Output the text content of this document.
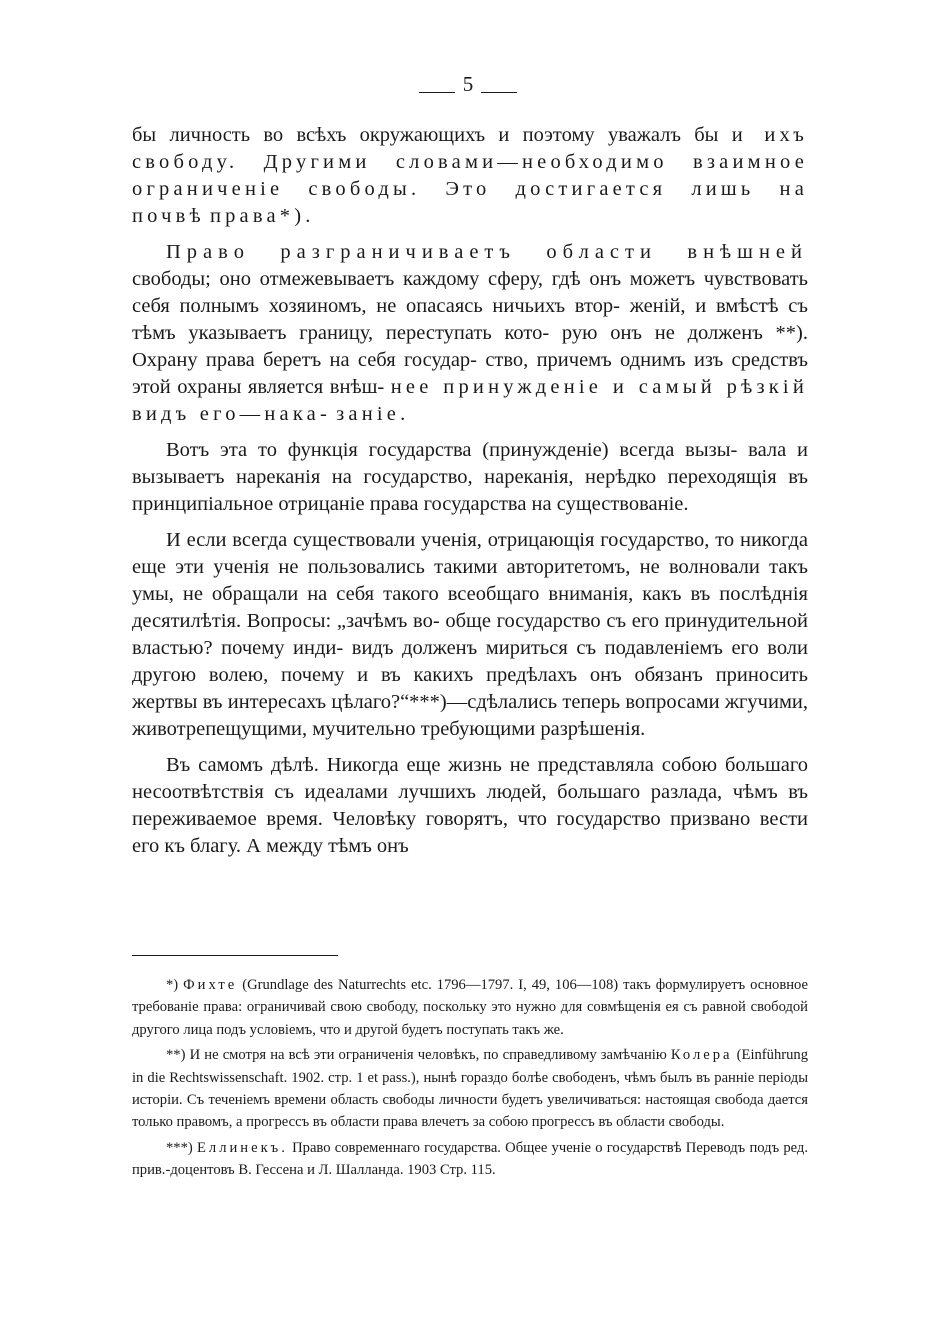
5

бы личность во всѣхъ окружающихъ и поэтому уважалъ бы и ихъ свободу. Другими словами—необходимо взаимное ограниченіе свободы. Это достигается лишь на почвѣ права*).

Право разграничиваетъ области внѣшней свободы; оно отмежевываетъ каждому сферу, гдѣ онъ можетъ чувствовать себя полнымъ хозяиномъ, не опасаясь ничьихъ втор- женій, и вмѣстѣ съ тѣмъ указываетъ границу, переступать кото- рую онъ не долженъ **). Охрану права беретъ на себя государ- ство, причемъ однимъ изъ средствъ этой охраны является внѣш- нее принужденіе и самый рѣзкій видъ его—нака- заніе.

Вотъ эта то функція государства (принужденіе) всегда вызы- вала и вызываетъ нареканія на государство, нареканія, нерѣдко переходящія въ принципіальное отрицаніе права государства на существованіе.

И если всегда существовали ученія, отрицающія государство, то никогда еще эти ученія не пользовались такими авторитетомъ, не волновали такъ умы, не обращали на себя такого всеобщаго вниманія, какъ въ послѣднія десятилѣтія. Вопросы: „зачѣмъ во- обще государство съ его принудительной властью? почему инди- видъ долженъ мириться съ подавленіемъ его воли другою волею, почему и въ какихъ предѣлахъ онъ обязанъ приносить жертвы въ интересахъ цѣлаго?“***)—сдѣлались теперь вопросами жгучими, животрепещущими, мучительно требующими разрѣшенія.

Въ самомъ дѣлѣ. Никогда еще жизнь не представляла собою большаго несоотвѣтствія съ идеалами лучшихъ людей, большаго разлада, чѣмъ въ переживаемое время. Человѣку говорятъ, что государство призвано вести его къ благу. А между тѣмъ онъ

*) Фихте (Grundlage des Naturrechts etc. 1796—1797. I, 49, 106—108) такъ формулируетъ основное требованіе права: ограничивай свою свободу, поскольку это нужно для совмѣщенія ея съ равной свободой другого лица подъ условіемъ, что и другой будетъ поступать такъ же.

**) И не смотря на всѣ эти ограниченія человѣкъ, по справедливому замѣчанію Колера (Einführung in die Rechtswissenschaft. 1902. стр. 1 et pass.), нынѣ гораздо болѣе свободенъ, чѣмъ былъ въ ранніе періоды исторіи. Съ теченіемъ времени область свободы личности будетъ увеличиваться: настоящая свобода дается только правомъ, а прогрессъ въ области права влечетъ за собою прогрессъ въ области свободы.

***) Еллинекъ. Право современнаго государства. Общее ученіе о государствѣ Переводъ подъ ред. прив.-доцентовъ В. Гессена и Л. Шалланда. 1903 Стр. 115.
